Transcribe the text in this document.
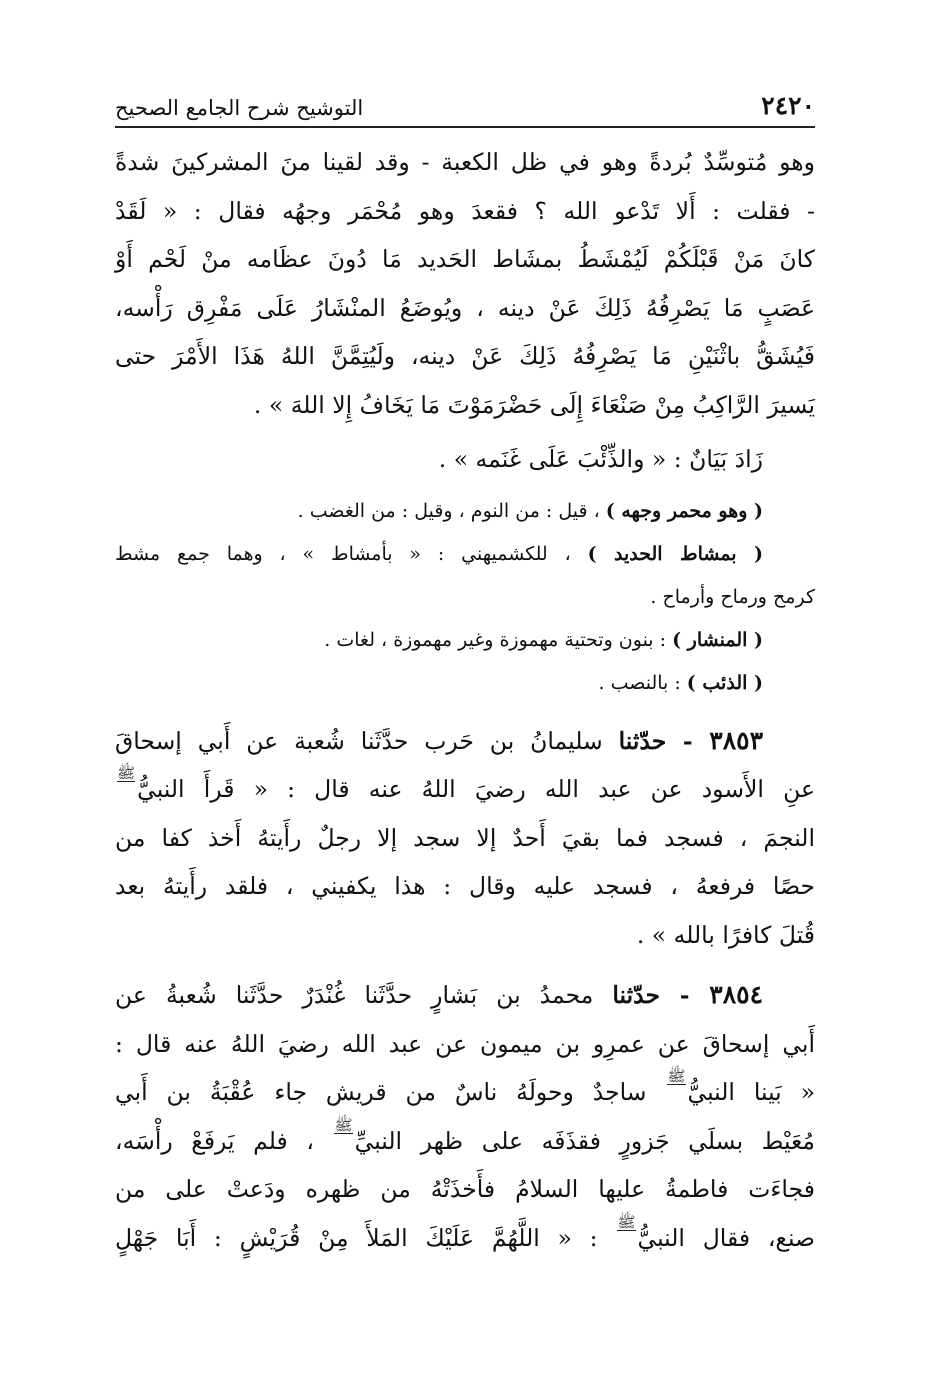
٢٤٢٠
التوشيح شرح الجامع الصحيح
وهو مُتوسِّدٌ بُردةً وهو في ظل الكعبة - وقد لقينا منَ المشركينَ شدةً
- فقلت : أَلا تَدْعو الله ؟ فقعدَ وهو مُحْمَر وجهُه فقال : « لَقَدْ
كانَ مَنْ قَبْلَكُمْ لَيُمْشَطُ بمشَاط الحَديد مَا دُونَ عظَامه منْ لَحْم أَوْ
عَصَبٍ مَا يَصْرِفُهُ ذَلِكَ عَنْ دينه ، ويُوضَعُ المنْشَارُ عَلَى مَفْرِق رَأْسه،
فَيُشَقُّ باثْنَيْنِ مَا يَصْرِفُهُ ذَلِكَ عَنْ دينه، ولَيُتِمَّنَّ اللهُ هَذَا الأَمْرَ حتى
يَسيرَ الرَّاكِبُ مِنْ صَنْعَاءَ إِلَى حَضْرَمَوْتَ مَا يَخَافُ إِلا اللهَ » .
زَادَ بَيَانٌ : « والذِّئْبَ عَلَى غَنَمه » .
( وهو محمر وجهه ) ، قيل : من النوم ، وقيل : من الغضب .
( بمشاط الحديد ) ، للكشميهني : « بأمشاط » ، وهما جمع مشط
كرمح ورماح وأرماح .
( المنشار ) : بنون وتحتية مهموزة وغير مهموزة ، لغات .
( الذئب ) : بالنصب .
٣٨٥٣ - حدّثنا سليمانُ بن حَرب حدَّثَنا شُعبة عن أَبي إسحاقَ
عنِ الأَسود عن عبد الله رضيَ اللهُ عنه قال : « قَرأَ النبيُّﷺ
النجمَ ، فسجد فما بقيَ أَحدٌ إلا سجد إلا رجلٌ رأَيتهُ أَخذ كفا من
حصًا فرفعهُ ، فسجد عليه وقال : هذا يكفيني ، فلقد رأَيتهُ بعد
قُتلَ كافرًا بالله » .
٣٨٥٤ - حدّثنا محمدُ بن بَشارٍ حدَّثَنا غُنْدَرٌ حدَّثَنا شُعبةُ عن
أَبي إسحاقَ عن عمرِو بن ميمون عن عبد الله رضيَ اللهُ عنه قال :
« بَينا النبيُّﷺ ساجدٌ وحولَهُ ناسٌ من قريش جاء عُقْبَةُ بن أَبي
مُعَيْط بسلَي جَزورٍ فقذَفَه على ظهر النبيِّﷺ ، فلم يَرفَعْ رأْسَه،
فجاءَت فاطمةُ عليها السلامُ فأَخذَتْهُ من ظهره ودَعتْ على من
صنع، فقال النبيُّﷺ : « اللَّهُمَّ عَلَيْكَ المَلأَ مِنْ قُرَيْشٍ : أَبَا جَهْلٍ
